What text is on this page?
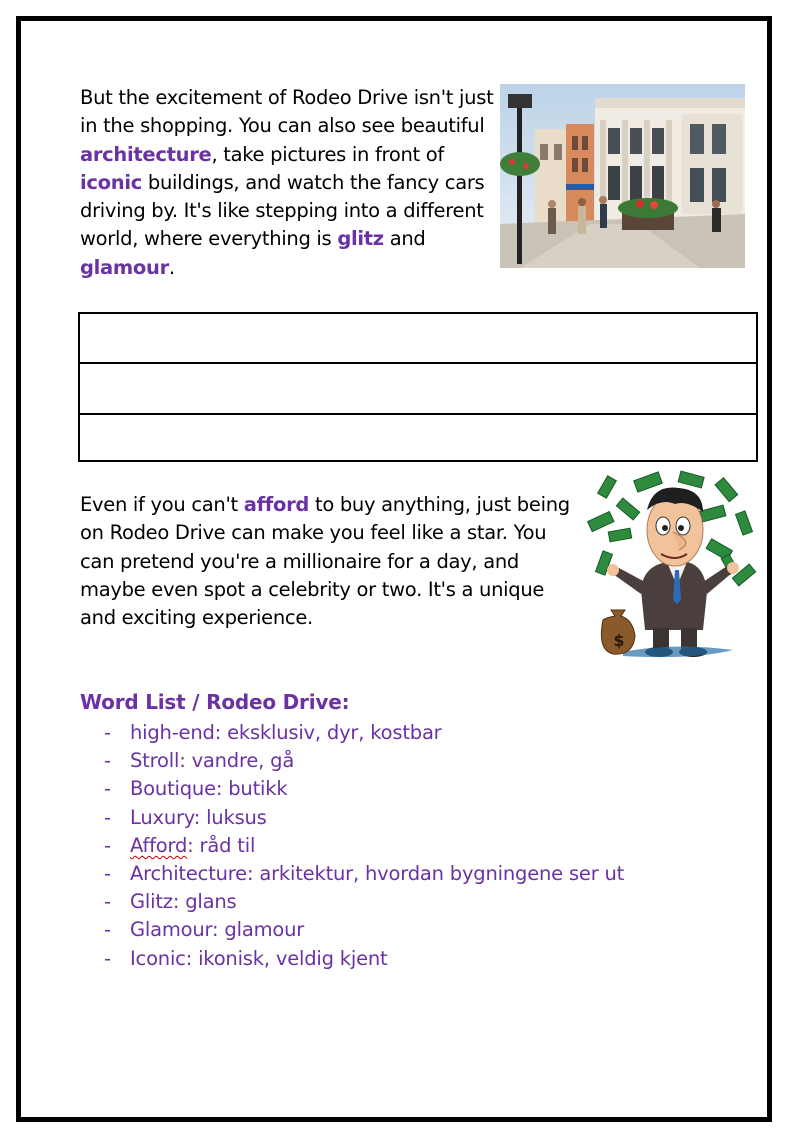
But the excitement of Rodeo Drive isn't just in the shopping. You can also see beautiful architecture, take pictures in front of iconic buildings, and watch the fancy cars driving by. It's like stepping into a different world, where everything is glitz and glamour.

Even if you can't afford to buy anything, just being on Rodeo Drive can make you feel like a star. You can pretend you're a millionaire for a day, and maybe even spot a celebrity or two. It's a unique and exciting experience.

$
Word List / Rodeo Drive:
- high-end: eksklusiv, dyr, kostbar
- Stroll: vandre, gå
- Boutique: butikk
- Luxury: luksus
- Afford: råd til
- Architecture: arkitektur, hvordan bygningene ser ut
- Glitz: glans
- Glamour: glamour
- Iconic: ikonisk, veldig kjent
